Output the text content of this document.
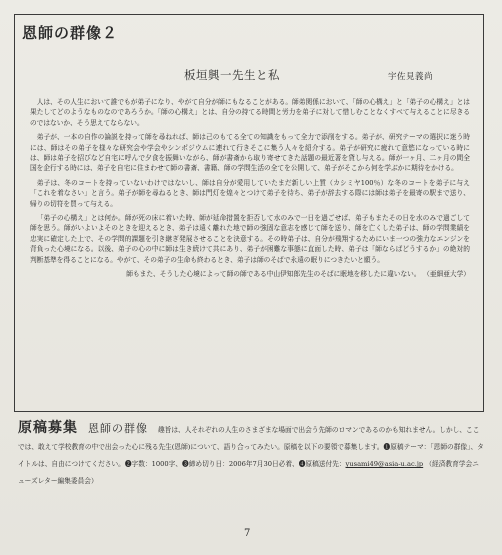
恩師の群像２
板垣興一先生と私	宇佐見義尚

人は、その人生において誰でもが弟子になり、やがて自分が師にもなることがある。師弟関係において、「師の心構え」と「弟子の心構え」とは果たしてどのようなものなのであろうか。「師の心構え」とは、自分の持てる時間と労力を弟子に対して惜しむことなくすべて与えることに尽きるのではないか、そう思えてならない。

弟子が、一本の自作の論説を持って師を尋ねれば、師は己のもてる全ての知識をもって全力で添削をする。弟子が、研究テーマの選択に迷う時には、師はその弟子を様々な研究会や学会やシンポジウムに連れて行きそこに集う人々を紹介する。弟子が研究に疲れて意慾になっている時には、師は弟子を招びなど自宅に呼んで夕食を振舞いながら、師が書斎から取り寄せてきた話題の最近著を貸し与える。師が一ヶ月、二ヶ月の間全国を企行する時には、弟子を自宅に住まわせて師の書斎、書籍、師の学問生活の全てを公開して、弟子がそこから何を学ぶかに期待をかける。

弟子は、冬のコートを持っていないわけではないし、師は自分が愛用していたまだ新しい上質（カシミヤ100％）な冬のコートを弟子に与え「これを着なさい」と言う。弟子が師を尋ねるとき、師は門灯を煌々とつけて弟子を待ち、弟子が辞去する際には師は弟子を最寄の駅まで送り、帰りの切符を買って与える。

「弟子の心構え」とは何か。師が死の床に着いた時、師が延命措置を拒否して水のみで一日を過ごせば、弟子もまたその日を水のみで過ごして師を思う。師がいよいよそのときを迎えるとき、弟子は遠く離れた地で師の強固な意志を感じて師を送り、師を亡くした弟子は、師の学問業績を忠実に確定した上で、その学問的課題を引き継ぎ発展させることを決意する。その時弟子は、自分が飛翔するためにいま一つの強力なエンジンを背負った心境になる。以後、弟子の心の中に師は生き続けて共にあり、弟子が困難な事態に直面した時、弟子は「師ならばどうするか」の絶対的判断基準を得ることになる。やがて、その弟子の生命も終わるとき、弟子は師のそばで永遠の眠りにつきたいと願う。

師もまた、そうした心境によって師の師である中山伊知郎先生のそばに眠地を移したに違いない。 （亜細亜大学）

原稿募集 恩師の群像 趣旨は、人それぞれの人生のさまざまな場面で出会う先師のロマンであるのかも知れません。しかし、ここでは、敢えて学校教育の中で出会った心に残る先生(恩師)について、語り合ってみたい。原稿を以下の要領で募集します。❶原稿テーマ：「恩師の群像」、タイトルは、自由につけてください。❷字数：1000字、❸締め切り日：2006年7月30日必着、❹原稿送付先：yusami49@asia-u.ac.jp （経済教育学会ニューズレター編集委員会）
7
